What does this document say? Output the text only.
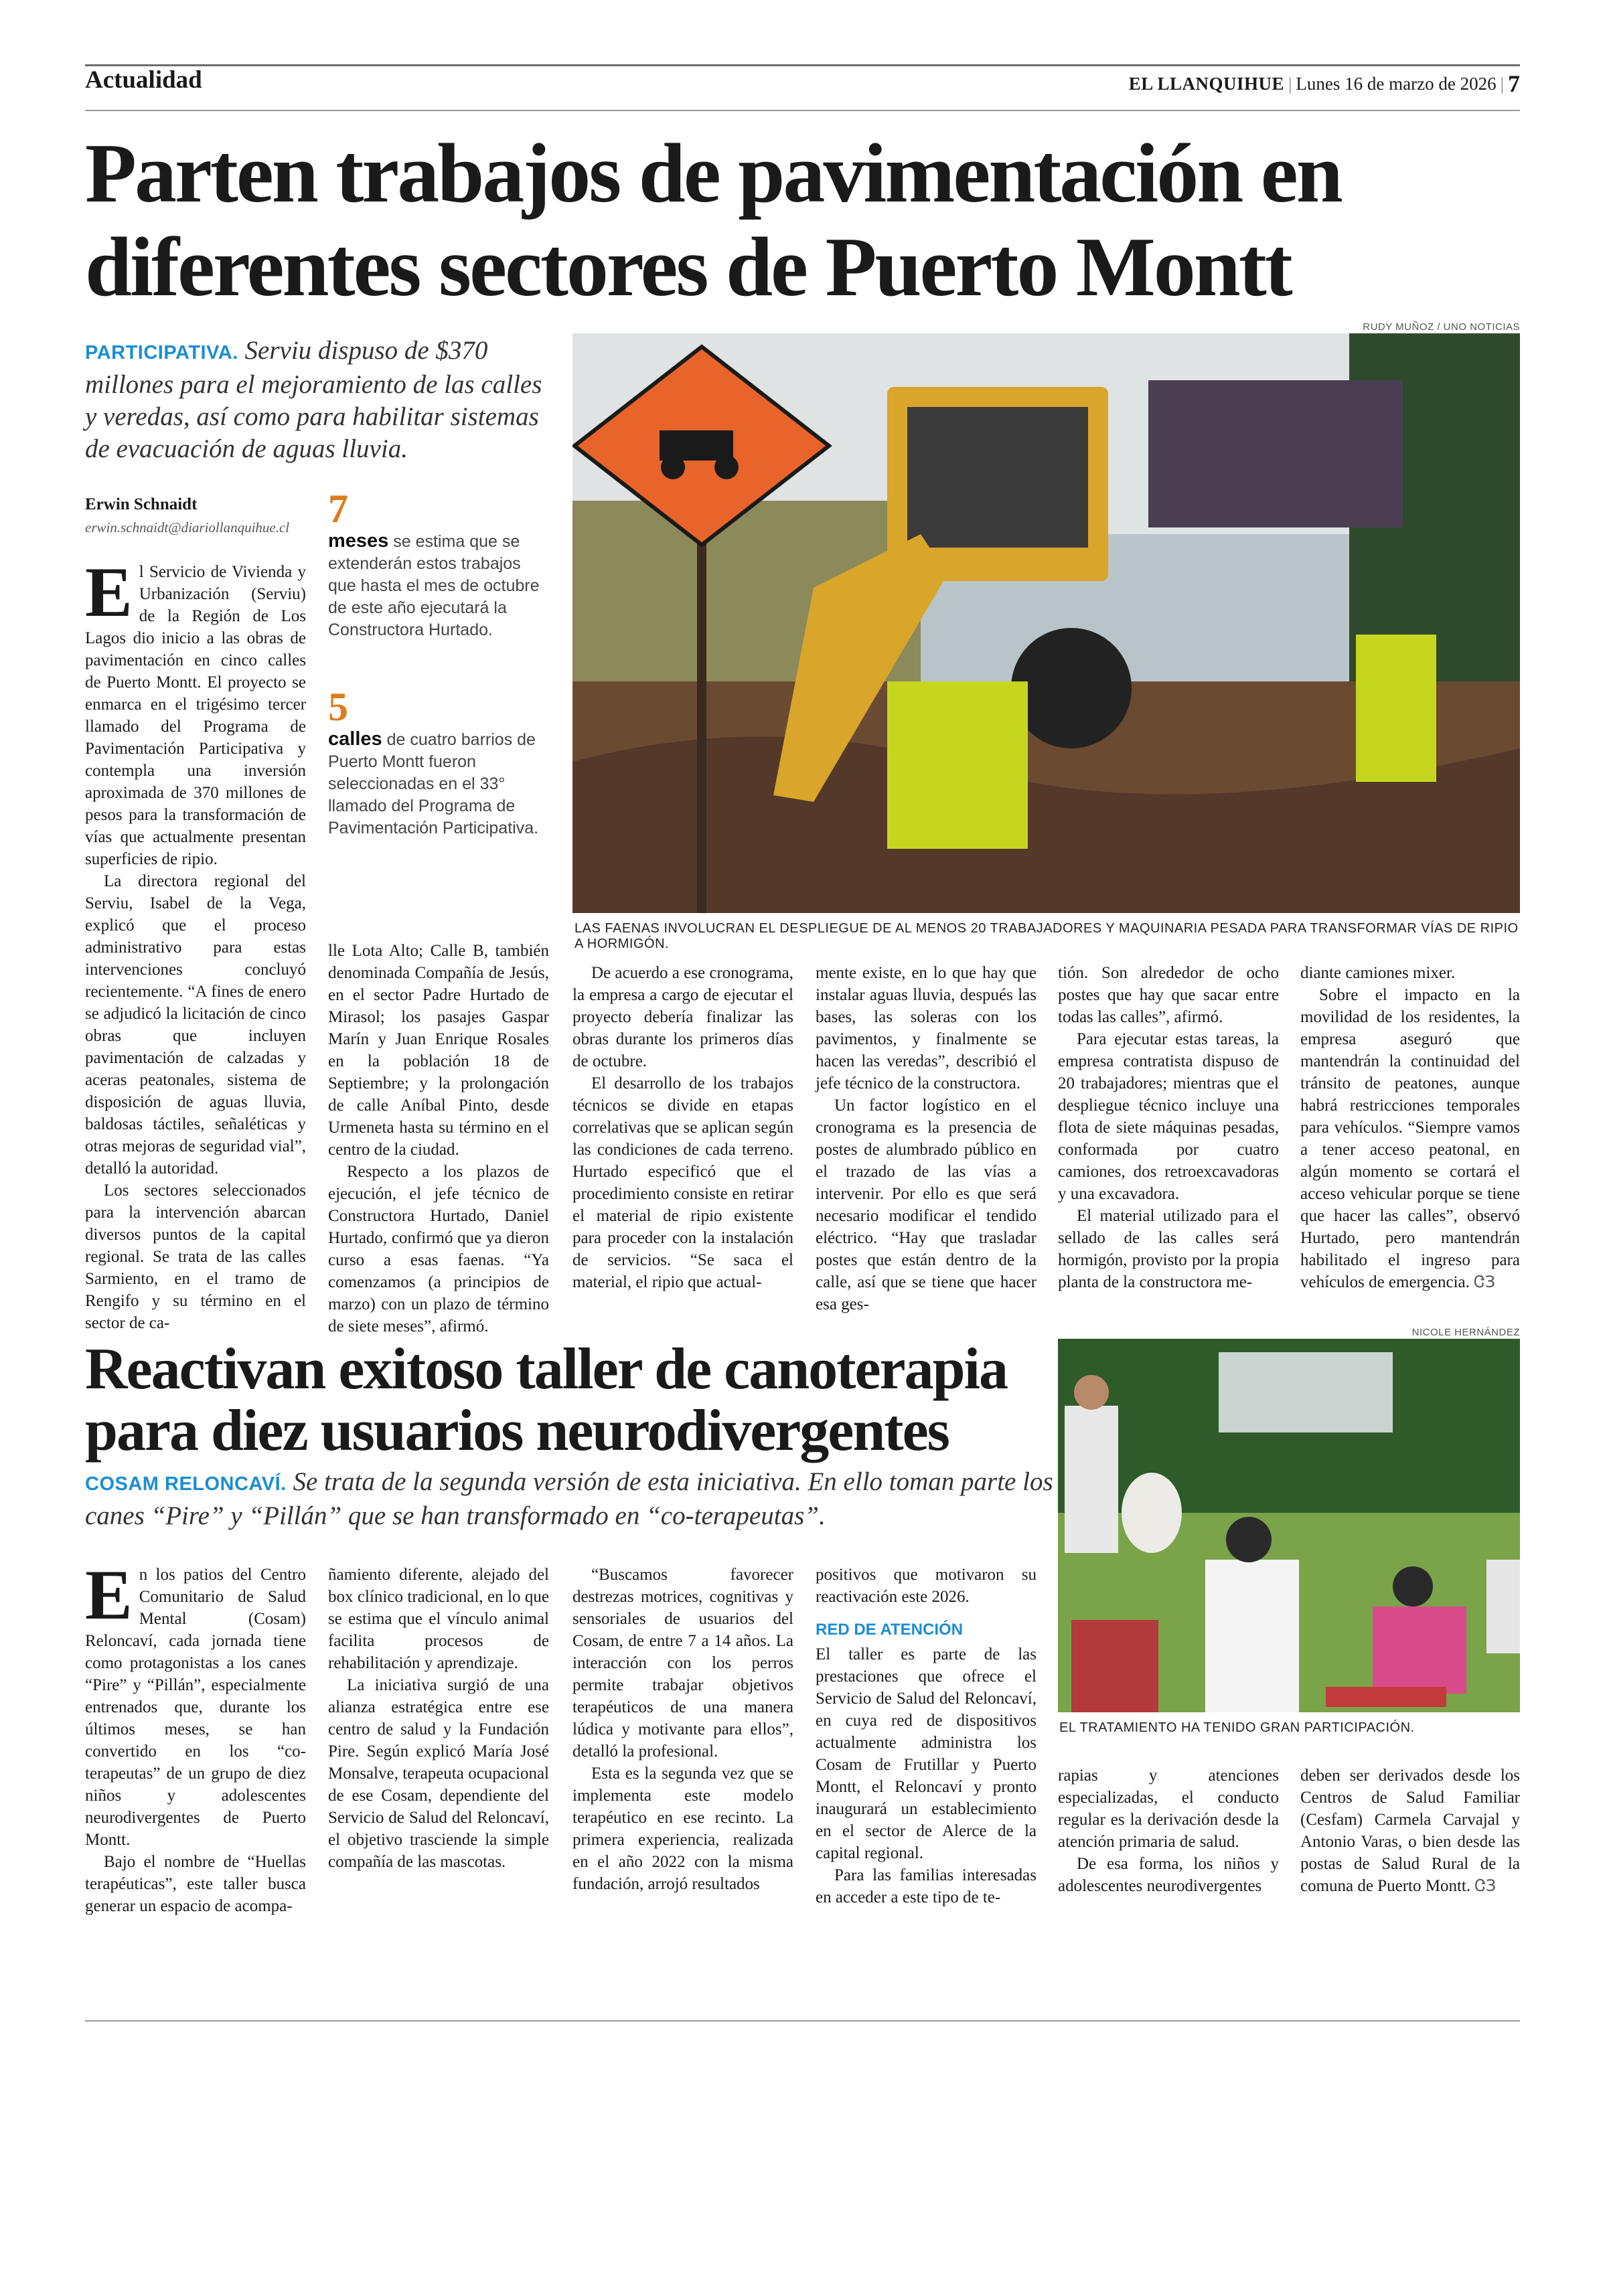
Actualidad	EL LLANQUIHUE | Lunes 16 de marzo de 2026 | 7
Parten trabajos de pavimentación en diferentes sectores de Puerto Montt
PARTICIPATIVA. Serviu dispuso de $370 millones para el mejoramiento de las calles y veredas, así como para habilitar sistemas de evacuación de aguas lluvia.
Erwin Schnaidt
erwin.schnaidt@diariollanquihue.cl 7
meses se estima que se extenderán estos trabajos que hasta el mes de octubre de este año ejecutará la Constructora Hurtado.
5
calles de cuatro barrios de Puerto Montt fueron seleccionadas en el 33° llamado del Programa de Pavimentación Participativa.
RUDY MUÑOZ / UNO NOTICIAS
LAS FAENAS INVOLUCRAN EL DESPLIEGUE DE AL MENOS 20 TRABAJADORES Y MAQUINARIA PESADA PARA TRANSFORMAR VÍAS DE RIPIO A HORMIGÓN.

El Servicio de Vivienda y Urbanización (Serviu) de la Región de Los Lagos dio inicio a las obras de pavimentación en cinco calles de Puerto Montt. El proyecto se enmarca en el trigésimo tercer llamado del Programa de Pavimentación Participativa y contempla una inversión aproximada de 370 millones de pesos para la transformación de vías que actualmente presentan superficies de ripio.

La directora regional del Serviu, Isabel de la Vega, explicó que el proceso administrativo para estas intervenciones concluyó recientemente. “A fines de enero se adjudicó la licitación de cinco obras que incluyen pavimentación de calzadas y aceras peatonales, sistema de disposición de aguas lluvia, baldosas táctiles, señaléticas y otras mejoras de seguridad vial”, detalló la autoridad.

Los sectores seleccionados para la intervención abarcan diversos puntos de la capital regional. Se trata de las calles Sarmiento, en el tramo de Rengifo y su término en el sector de ca-

lle Lota Alto; Calle B, también denominada Compañía de Jesús, en el sector Padre Hurtado de Mirasol; los pasajes Gaspar Marín y Juan Enrique Rosales en la población 18 de Septiembre; y la prolongación de calle Aníbal Pinto, desde Urmeneta hasta su término en el centro de la ciudad.

Respecto a los plazos de ejecución, el jefe técnico de Constructora Hurtado, Daniel Hurtado, confirmó que ya dieron curso a esas faenas. “Ya comenzamos (a principios de marzo) con un plazo de término de siete meses”, afirmó.

De acuerdo a ese cronograma, la empresa a cargo de ejecutar el proyecto debería finalizar las obras durante los primeros días de octubre.

El desarrollo de los trabajos técnicos se divide en etapas correlativas que se aplican según las condiciones de cada terreno. Hurtado especificó que el procedimiento consiste en retirar el material de ripio existente para proceder con la instalación de servicios. “Se saca el material, el ripio que actual-

mente existe, en lo que hay que instalar aguas lluvia, después las bases, las soleras con los pavimentos, y finalmente se hacen las veredas”, describió el jefe técnico de la constructora.

Un factor logístico en el cronograma es la presencia de postes de alumbrado público en el trazado de las vías a intervenir. Por ello es que será necesario modificar el tendido eléctrico. “Hay que trasladar postes que están dentro de la calle, así que se tiene que hacer esa ges-

tión. Son alrededor de ocho postes que hay que sacar entre todas las calles”, afirmó.

Para ejecutar estas tareas, la empresa contratista dispuso de 20 trabajadores; mientras que el despliegue técnico incluye una flota de siete máquinas pesadas, conformada por cuatro camiones, dos retroexcavadoras y una excavadora.

El material utilizado para el sellado de las calles será hormigón, provisto por la propia planta de la constructora me-

diante camiones mixer.

Sobre el impacto en la movilidad de los residentes, la empresa aseguró que mantendrán la continuidad del tránsito de peatones, aunque habrá restricciones temporales para vehículos. “Siempre vamos a tener acceso peatonal, en algún momento se cortará el acceso vehicular porque se tiene que hacer las calles”, observó Hurtado, pero mantendrán habilitado el ingreso para vehículos de emergencia. ᏣЗ

Reactivan exitoso taller de canoterapia para diez usuarios neurodivergentes
COSAM RELONCAVÍ. Se trata de la segunda versión de esta iniciativa. En ello toman parte los canes “Pire” y “Pillán” que se han transformado en “co-terapeutas”.
NICOLE HERNÁNDEZ
EL TRATAMIENTO HA TENIDO GRAN PARTICIPACIÓN.

En los patios del Centro Comunitario de Salud Mental (Cosam) Reloncaví, cada jornada tiene como protagonistas a los canes “Pire” y “Pillán”, especialmente entrenados que, durante los últimos meses, se han convertido en los “co-terapeutas” de un grupo de diez niños y adolescentes neurodivergentes de Puerto Montt.

Bajo el nombre de “Huellas terapéuticas”, este taller busca generar un espacio de acompa-

ñamiento diferente, alejado del box clínico tradicional, en lo que se estima que el vínculo animal facilita procesos de rehabilitación y aprendizaje.

La iniciativa surgió de una alianza estratégica entre ese centro de salud y la Fundación Pire. Según explicó María José Monsalve, terapeuta ocupacional de ese Cosam, dependiente del Servicio de Salud del Reloncaví, el objetivo trasciende la simple compañía de las mascotas.

“Buscamos favorecer destrezas motrices, cognitivas y sensoriales de usuarios del Cosam, de entre 7 a 14 años. La interacción con los perros permite trabajar objetivos terapéuticos de una manera lúdica y motivante para ellos”, detalló la profesional.

Esta es la segunda vez que se implementa este modelo terapéutico en ese recinto. La primera experiencia, realizada en el año 2022 con la misma fundación, arrojó resultados

positivos que motivaron su reactivación este 2026.

RED DE ATENCIÓN

El taller es parte de las prestaciones que ofrece el Servicio de Salud del Reloncaví, en cuya red de dispositivos actualmente administra los Cosam de Frutillar y Puerto Montt, el Reloncaví y pronto inaugurará un establecimiento en el sector de Alerce de la capital regional.

Para las familias interesadas en acceder a este tipo de te-

rapias y atenciones especializadas, el conducto regular es la derivación desde la atención primaria de salud.

De esa forma, los niños y adolescentes neurodivergentes

deben ser derivados desde los Centros de Salud Familiar (Cesfam) Carmela Carvajal y Antonio Varas, o bien desde las postas de Salud Rural de la comuna de Puerto Montt. ᏣЗ
